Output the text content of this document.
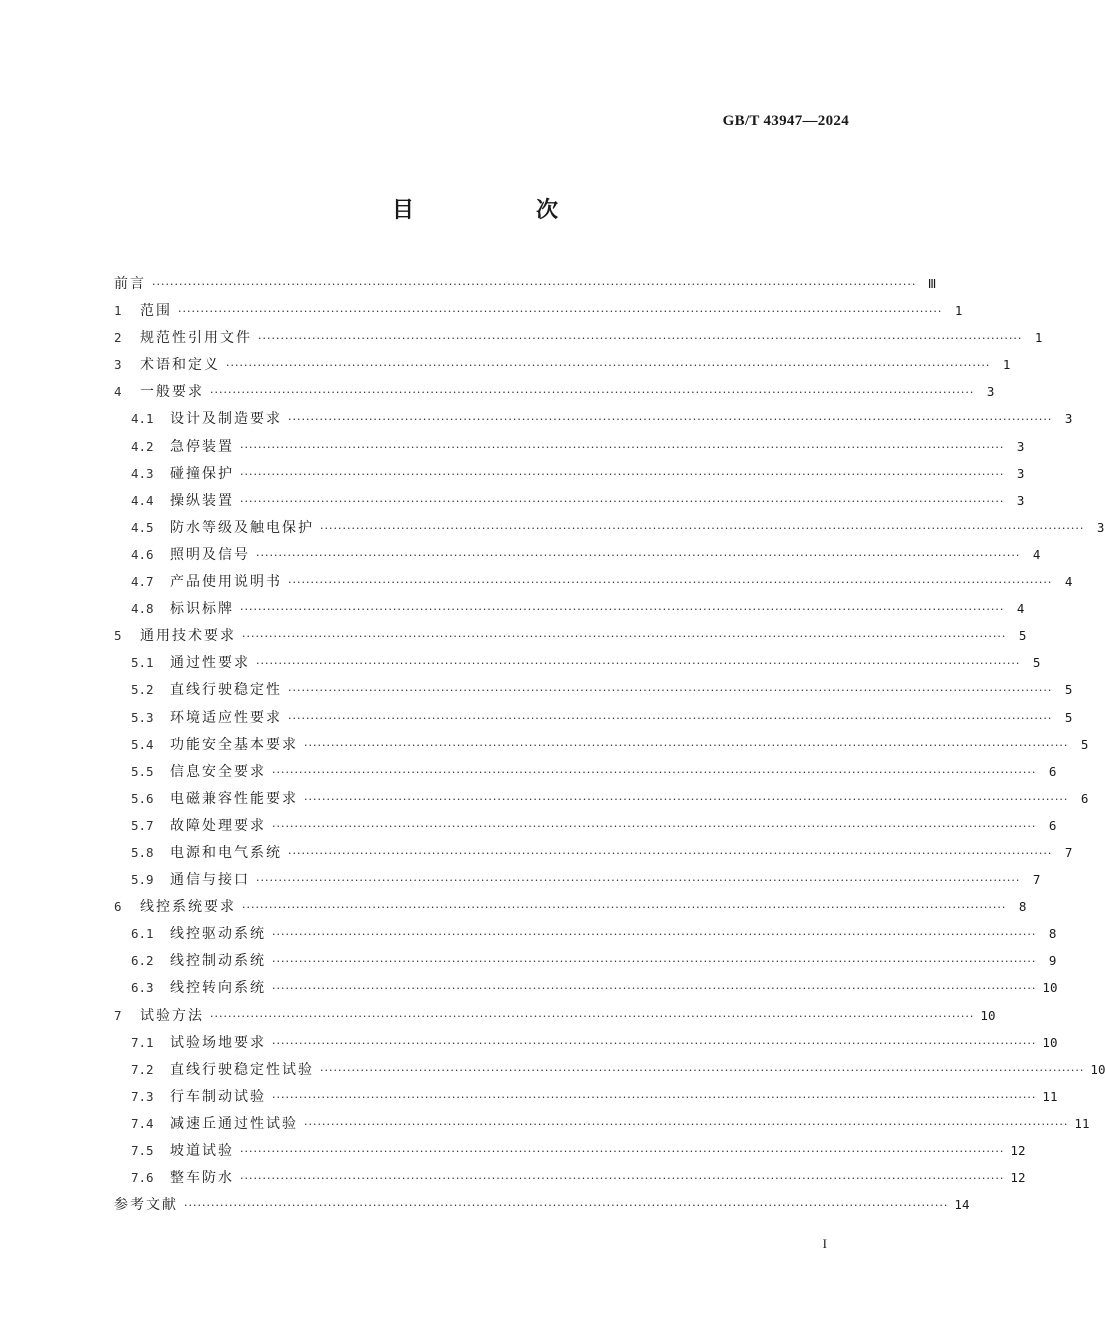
GB/T 43947—2024
目　次
前言 ·········································································································································································· Ⅲ
1	范围 ·········································································································································································· 1
2	规范性引用文件 ·········································································································································································· 1
3	术语和定义 ·········································································································································································· 1
4	一般要求 ·········································································································································································· 3
4.1	设计及制造要求 ·········································································································································································· 3
4.2	急停装置 ·········································································································································································· 3
4.3	碰撞保护 ·········································································································································································· 3
4.4	操纵装置 ·········································································································································································· 3
4.5	防水等级及触电保护 ·········································································································································································· 3
4.6	照明及信号 ·········································································································································································· 4
4.7	产品使用说明书 ·········································································································································································· 4
4.8	标识标牌 ·········································································································································································· 4
5	通用技术要求 ·········································································································································································· 5
5.1	通过性要求 ·········································································································································································· 5
5.2	直线行驶稳定性 ·········································································································································································· 5
5.3	环境适应性要求 ·········································································································································································· 5
5.4	功能安全基本要求 ·········································································································································································· 5
5.5	信息安全要求 ·········································································································································································· 6
5.6	电磁兼容性能要求 ·········································································································································································· 6
5.7	故障处理要求 ·········································································································································································· 6
5.8	电源和电气系统 ·········································································································································································· 7
5.9	通信与接口 ·········································································································································································· 7
6	线控系统要求 ·········································································································································································· 8
6.1	线控驱动系统 ·········································································································································································· 8
6.2	线控制动系统 ·········································································································································································· 9
6.3	线控转向系统 ·········································································································································································· 10
7	试验方法 ·········································································································································································· 10
7.1	试验场地要求 ·········································································································································································· 10
7.2	直线行驶稳定性试验 ·········································································································································································· 10
7.3	行车制动试验 ·········································································································································································· 11
7.4	减速丘通过性试验 ·········································································································································································· 11
7.5	坡道试验 ·········································································································································································· 12
7.6	整车防水 ·········································································································································································· 12
参考文献 ·········································································································································································· 14
I
